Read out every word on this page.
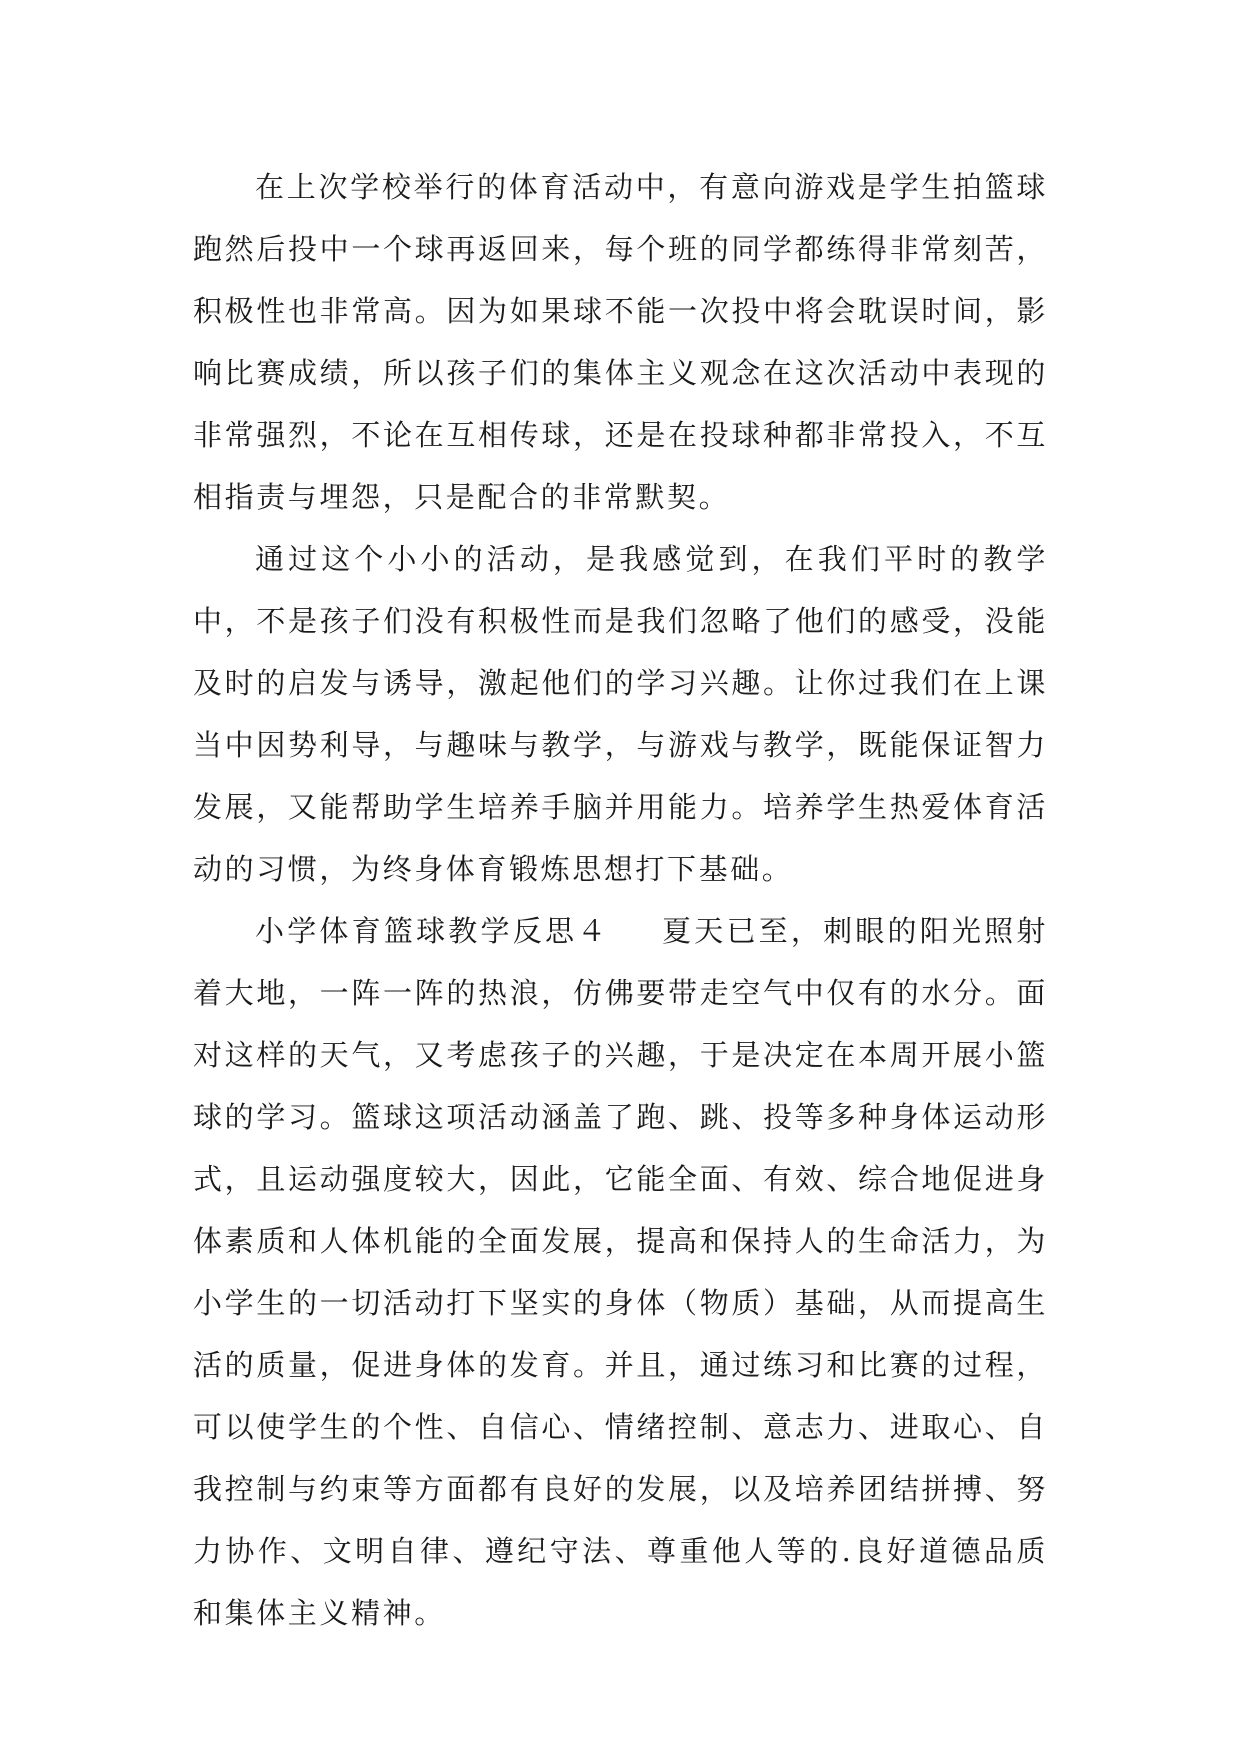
在上次学校举行的体育活动中，有意向游戏是学生拍篮球跑然后投中一个球再返回来，每个班的同学都练得非常刻苦，积极性也非常高。因为如果球不能一次投中将会耽误时间，影响比赛成绩，所以孩子们的集体主义观念在这次活动中表现的非常强烈，不论在互相传球，还是在投球种都非常投入，不互相指责与埋怨，只是配合的非常默契。

通过这个小小的活动，是我感觉到，在我们平时的教学中，不是孩子们没有积极性而是我们忽略了他们的感受，没能及时的启发与诱导，激起他们的学习兴趣。让你过我们在上课当中因势利导，与趣味与教学，与游戏与教学，既能保证智力发展，又能帮助学生培养手脑并用能力。培养学生热爱体育活动的习惯，为终身体育锻炼思想打下基础。

小学体育篮球教学反思４ 夏天已至，刺眼的阳光照射着大地，一阵一阵的热浪，仿佛要带走空气中仅有的水分。面对这样的天气，又考虑孩子的兴趣，于是决定在本周开展小篮球的学习。篮球这项活动涵盖了跑、跳、投等多种身体运动形式，且运动强度较大，因此，它能全面、有效、综合地促进身体素质和人体机能的全面发展，提高和保持人的生命活力，为小学生的一切活动打下坚实的身体（物质）基础，从而提高生活的质量，促进身体的发育。并且，通过练习和比赛的过程，可以使学生的个性、自信心、情绪控制、意志力、进取心、自我控制与约束等方面都有良好的发展，以及培养团结拼搏、努力协作、文明自律、遵纪守法、尊重他人等的.良好道德品质和集体主义精神。
